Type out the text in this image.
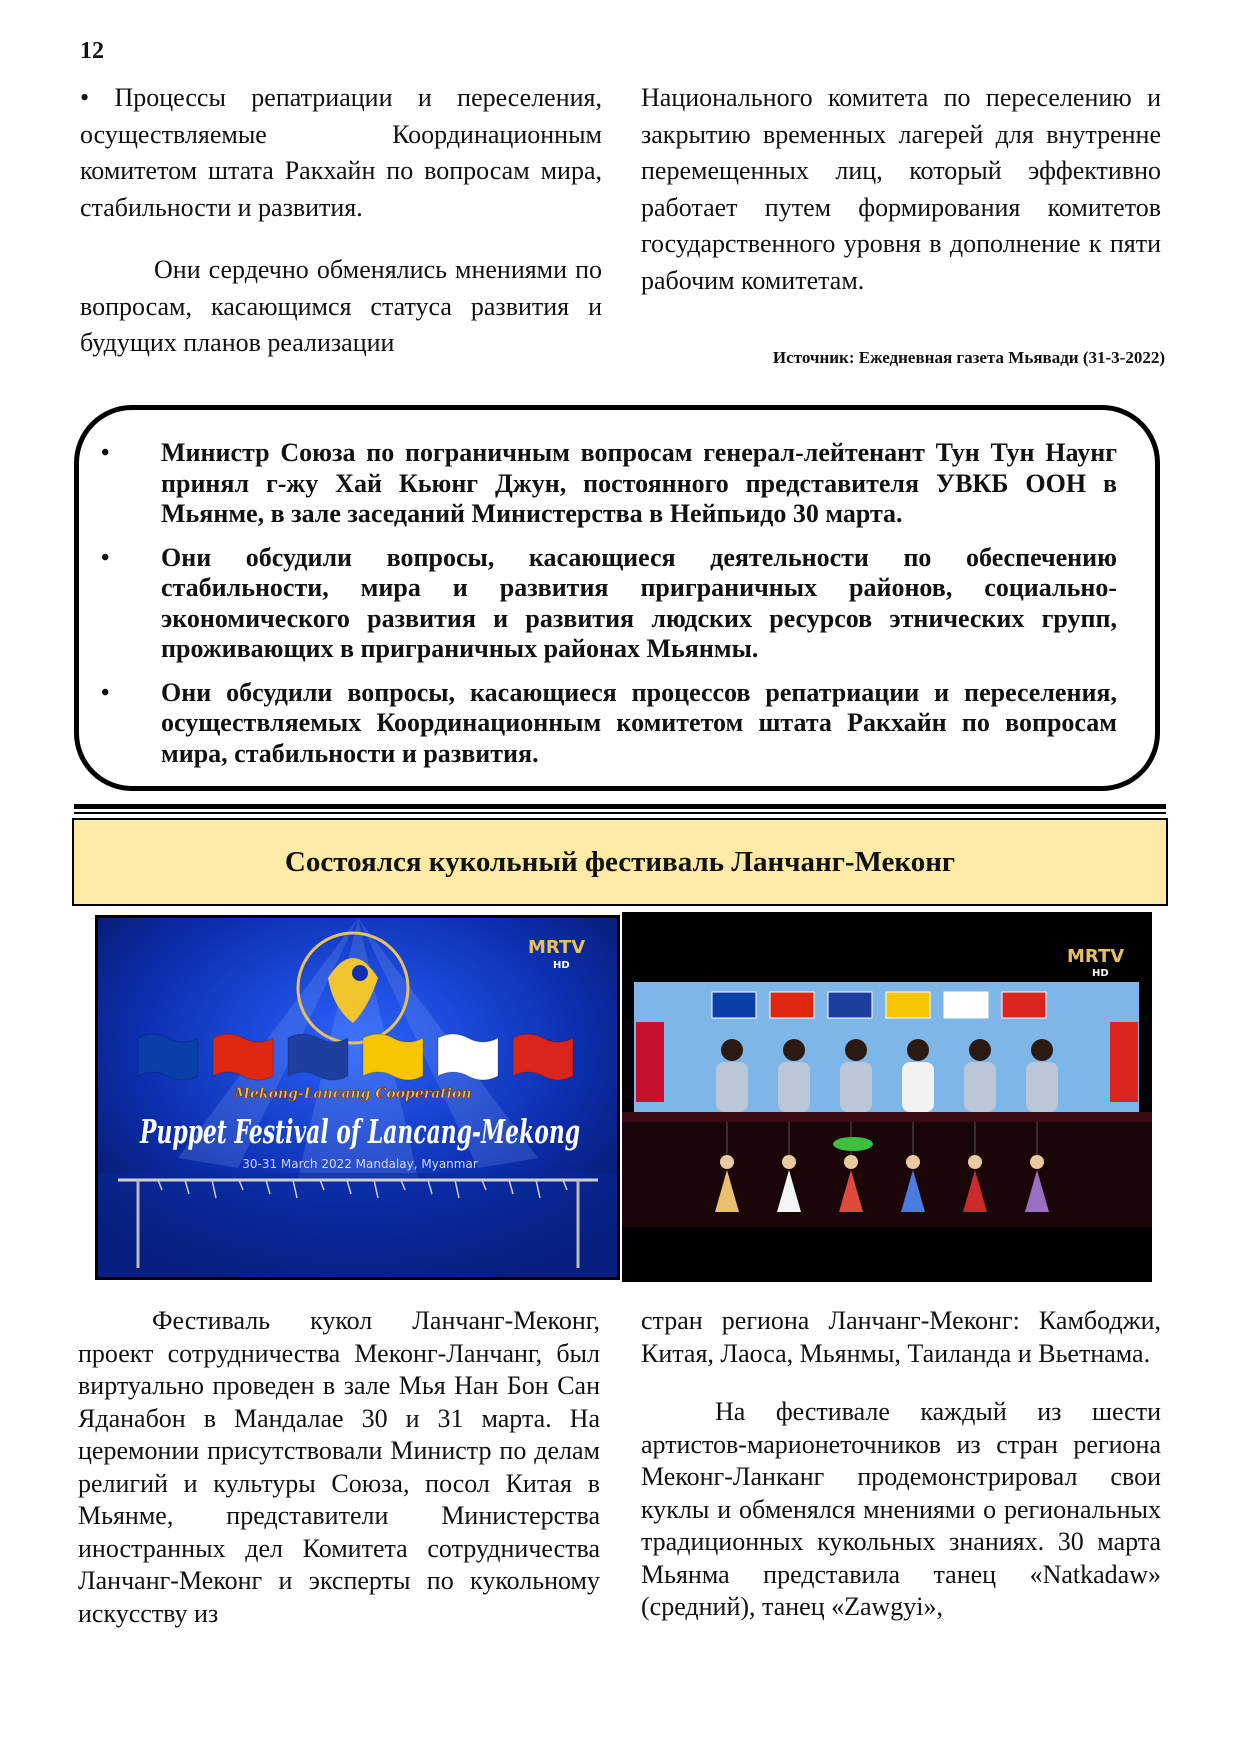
12

• Процессы репатриации и переселения, осуществляемые Координационным комитетом штата Ракхайн по вопросам мира, стабильности и развития.

Они сердечно обменялись мнениями по вопросам, касающимся статуса развития и будущих планов реализации

Национального комитета по переселению и закрытию временных лагерей для внутренне перемещенных лиц, который эффективно работает путем формирования комитетов государственного уровня в дополнение к пяти рабочим комитетам.

Источник: Ежедневная газета Мьявади (31-3-2022)
• Министр Союза по пограничным вопросам генерал-лейтенант Тун Тун Наунг принял г-жу Хай Кьюнг Джун, постоянного представителя УВКБ ООН в Мьянме, в зале заседаний Министерства в Нейпьидо 30 марта.
• Они обсудили вопросы, касающиеся деятельности по обеспечению стабильности, мира и развития приграничных районов, социально-экономического развития и развития людских ресурсов этнических групп, проживающих в приграничных районах Мьянмы.
• Они обсудили вопросы, касающиеся процессов репатриации и переселения, осуществляемых Координационным комитетом штата Ракхайн по вопросам мира, стабильности и развития.
Состоялся кукольный фестиваль Ланчанг-Меконг
MRTV
HD
Mekong-Lancang Cooperation
Puppet Festival of Lancang-Mekong
30-31 March 2022 Mandalay, Myanmar
MRTV
HD

Фестиваль кукол Ланчанг-Меконг, проект сотрудничества Меконг-Ланчанг, был виртуально проведен в зале Мья Нан Бон Сан Яданабон в Мандалае 30 и 31 марта. На церемонии присутствовали Министр по делам религий и культуры Союза, посол Китая в Мьянме, представители Министерства иностранных дел Комитета сотрудничества Ланчанг-Меконг и эксперты по кукольному искусству из

стран региона Ланчанг-Меконг: Камбоджи, Китая, Лаоса, Мьянмы, Таиланда и Вьетнама.

На фестивале каждый из шести артистов-марионеточников из стран региона Меконг-Ланканг продемонстрировал свои куклы и обменялся мнениями о региональных традиционных кукольных знаниях. 30 марта Мьянма представила танец «Natkadaw» (средний), танец «Zawgyi»,
